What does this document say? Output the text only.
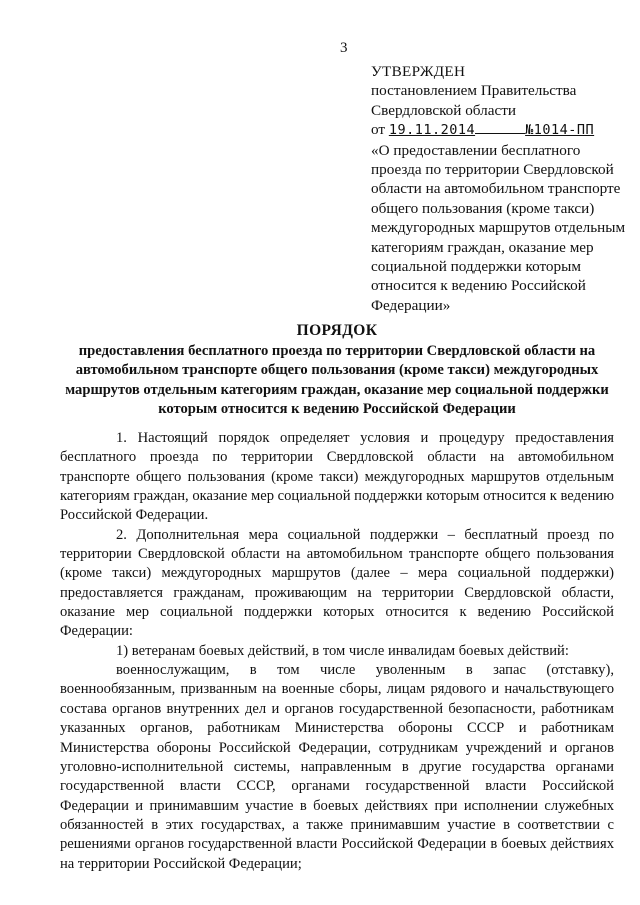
3
УТВЕРЖДЕН
постановлением Правительства
Свердловской области
от 19.11.2014	№1014-ПП
«О предоставлении бесплатного проезда по территории Свердловской области на автомобильном транспорте общего пользования (кроме такси) междугородных маршрутов отдельным категориям граждан, оказание мер социальной поддержки которым относится к ведению Российской Федерации»
ПОРЯДОК
предоставления бесплатного проезда по территории Свердловской области на автомобильном транспорте общего пользования (кроме такси) междугородных маршрутов отдельным категориям граждан, оказание мер социальной поддержки которым относится к ведению Российской Федерации

1. Настоящий порядок определяет условия и процедуру предоставления бесплатного проезда по территории Свердловской области на автомобильном транспорте общего пользования (кроме такси) междугородных маршрутов отдельным категориям граждан, оказание мер социальной поддержки которым относится к ведению Российской Федерации.

2. Дополнительная мера социальной поддержки – бесплатный проезд по территории Свердловской области на автомобильном транспорте общего пользования (кроме такси) междугородных маршрутов (далее – мера социальной поддержки) предоставляется гражданам, проживающим на территории Свердловской области, оказание мер социальной поддержки которых относится к ведению Российской Федерации:

1) ветеранам боевых действий, в том числе инвалидам боевых действий:

военнослужащим, в том числе уволенным в запас (отставку), военнообязанным, призванным на военные сборы, лицам рядового и начальствующего состава органов внутренних дел и органов государственной безопасности, работникам указанных органов, работникам Министерства обороны СССР и работникам Министерства обороны Российской Федерации, сотрудникам учреждений и органов уголовно-исполнительной системы, направленным в другие государства органами государственной власти СССР, органами государственной власти Российской Федерации и принимавшим участие в боевых действиях при исполнении служебных обязанностей в этих государствах, а также принимавшим участие в соответствии с решениями органов государственной власти Российской Федерации в боевых действиях на территории Российской Федерации;
